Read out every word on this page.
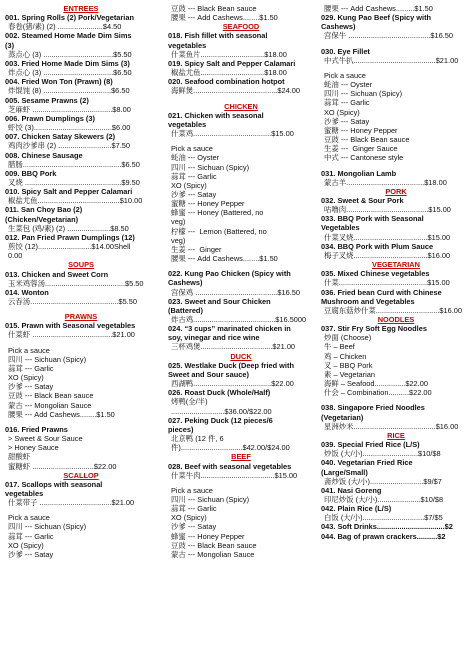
ENTREES
001. Spring Rolls (2) Pork/Vegetarian
春卷(猪/素) (2) ......................$4.50
002. Steamed Home Made Dim Sims
(3)
蒸点心 (3) ..................................$5.50
003. Fried Home Made Dim Sims (3)
炸点心 (3) ..................................$6.50
004. Fried Won Ton (Prawn) (8)
炸馄饨 (8) .................................$6.50
005. Sesame Prawns (2)
芝麻虾 .......................................$8.00
006. Prawn Dumplings (3)
虾饺 (3)......................................$6.00
007. Chicken Satay Skewers (2)
鸡肉沙爹串 (2) ..........................$7.50
008. Chinese Sausage
腊肠................................................$6.50
009. BBQ Pork
叉烧 ...............................................$9.50
010. Spicy Salt and Pepper Calamari
椒盐尤鱼........................................$10.00
011. San Choy Bao (2)
(Chicken/Vegetarian)
生菜包 (鸡/素) (2) .....................$8.50
012. Pan Fried Prawn Dumplings (12)
煎饺 (12)..........................$14.00Shell
0.00
SOUPS
013. Chicken and Sweet Corn
玉米鸡蓉汤.......................................$5.50
014. Wonton
云吞汤...........................................$5.50
PRAWNS
015. Prawn with Seasonal vegetables
什菜虾 .......................................$21.00
Pick a sauce
四川 --- Sichuan (Spicy)
蒜茸 --- Garlic
XO (Spicy)
沙爹 --- Satay
豆豉 --- Black Bean sauce
蒙古 --- Mongolian Sauce
腰果 --- Add Cashews........$1.50
016. Fried Prawns
> Sweet & Sour Sauce
> Honey Sauce
甜酸虾
蜜糖虾 ..............................$22.00
SCALLOP
017. Scallops with seasonal
vegetables
什菜带子 ...................................$21.00
Pick a sauce
四川 --- Sichuan (Spicy)
蒜茸 --- Garlic
XO (Spicy)
沙爹 --- Satay
豆豉 --- Black Bean sauce
腰果 --- Add Cashews........$1.50
SEAFOOD
018. Fish fillet with seasonal
vegetables
什菜鱼片...............................$18.00
019. Spicy Salt and Pepper Calamari
椒盐尤鱼...............................$18.00
020. Seafood combination hotpot
海鲜煲.........................................$24.00
CHICKEN
021. Chicken with seasonal
vegetables
什菜鸡......................................$15.00
Pick a sauce
蚝油 --- Oyster
四川 --- Sichuan (Spicy)
蒜茸 --- Garlic
XO (Spicy)
沙爹 --- Satay
蜜糖 --- Honey Pepper
蜂蜜 --- Honey (Battered, no
veg)
柠檬 ---  Lemon (Battered, no
veg)
生姜 ---  Ginger
腰果 --- Add Cashews........$1.50
022. Kung Pao Chicken (Spicy with
Cashews)
宫保鸡 ........................................$16.50
023. Sweet and Sour Chicken
(Battered)
炸古鸡........................................$16.5000
024. “3 cups” marinated chicken in
soy, vinegar and rice wine
三杯鸡煲...................................$21.00
DUCK
025. Westlake Duck (Deep fried with
Sweet and Sour sauce)
西湖鸭......................................$22.00
026. Roast Duck (Whole/Half)
烤鸭(全/半)
..........................$36.00/$22.00
027. Peking Duck (12 pieces/6
pieces)
北京鸭 (12 件, 6
件)..............................$42.00/$24.00
BEEF
028. Beef with seasonal vegetables
什菜牛肉....................................$15.00
Pick a sauce
四川 --- Sichuan (Spicy)
蒜茸 --- Garlic
XO (Spicy)
沙爹 --- Satay
蜂蜜 --- Honey Pepper
豆豉 --- Black Bean sauce
蒙古 --- Mongolian Sauce
腰果 --- Add Cashews.........$1.50
029. Kung Pao Beef (Spicy with
Cashews)
宫保牛 ........................................$16.50
030. Eye Fillet
中式牛扒........................................$21.00
Pick a sauce
蚝油 --- Oyster
四川 --- Sichuan (Spicy)
蒜茸 --- Garlic
XO (Spicy)
沙爹 --- Satay
蜜糖 --- Honey Pepper
豆豉 --- Black Bean sauce
生姜 ---  Ginger Sauce
中式 --- Cantonese style
031. Mongolian Lamb
蒙古羊......................................$18.00
PORK
032. Sweet & Sour Pork
咕噜肉........................................$15.00
033. BBQ Pork with Seasonal
Vegetables
什菜叉烧....................................$15.00
034. BBQ Pork with Plum Sauce
梅子叉烧....................................$16.00
VEGETARIAN
035. Mixed Chinese vegetables
什菜...........................................$15.00
036. Fried bean Curd with Chinese
Mushroom and Vegetables
豆腐东菇炒什菜...............................$16.00
NOODLES
037. Stir Fry Soft Egg Noodles
炒面 (Choose)
牛 – Beef
鸡 – Chicken
叉 – BBQ Pork
素 – Vegetarian
海鲜 – Seafood...............$22.00
什会 – Combination..........$22.00
038. Singapore Fried Noodles
(Vegetarian)
星洲炒米........................................$16.00
RICE
039. Special Fried Rice (L/S)
炒饭 (大/小)...........................$10/$8
040. Vegetarian Fried Rice
(Large/Small)
斋炒饭 (大/小)..........................$9/$7
041. Nasi Goreng
印尼炒饭 (大/小).....................$10/$8
042. Plain Rice (L/S)
白饭 (大/小)..............................$7/$5
043. Soft Drinks.................................$2
044. Bag of prawn crackers..........$2
